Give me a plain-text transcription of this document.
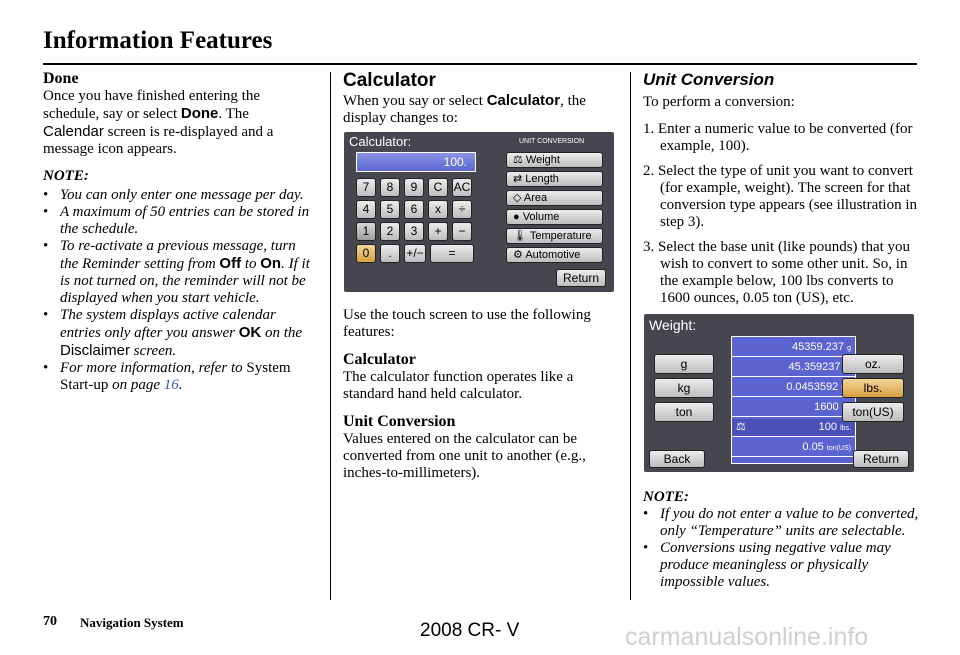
Information Features
Done

Once you have finished entering the schedule, say or select Done. The
Calendar screen is re-displayed and a message icon appears.

NOTE:

• You can only enter one message per day.
• A maximum of 50 entries can be stored in the schedule.
• To re-activate a previous message, turn the Reminder setting from Off to On. If it is not turned on, the reminder will not be displayed when you start vehicle.
• The system displays active calendar entries only after you answer OK on the Disclaimer screen.
• For more information, refer to System Start-up on page 16.

Calculator

When you say or select Calculator, the display changes to:

Use the touch screen to use the following features:

Calculator

The calculator function operates like a standard hand held calculator.

Unit Conversion

Values entered on the calculator can be converted from one unit to another (e.g., inches-to-millimeters).

Calculator:	UNIT CONVERSION
100.
7	8	9	C AC
4	5	6	x	÷
1	2	3	+	−
0	.	+/−	=
⚖ Weight
⇄ Length
◇ Area
● Volume
🌡 Temperature
⚙ Automotive
Return

Unit Conversion

To perform a conversion:

1. Enter a numeric value to be converted (for example, 100).
2. Select the type of unit you want to convert (for example, weight). The screen for that conversion type appears (see illustration in step 3).
3. Select the base unit (like pounds) that you wish to convert to some other unit. So, in the example below, 100 lbs converts to 1600 ounces, 0.05 ton (US), etc.

NOTE:

• If you do not enter a value to be converted, only “Temperature” units are selectable.
• Conversions using negative value may produce meaningless or physically impossible values.
Weight:
45359.237 g
45.359237
0.0453592
1600
⚖	100 lbs.
0.05 ton(US)
g
kg
ton
oz.
lbs.
ton(US)
Back	Return
70 Navigation System	2008 CR- V	carmanualsonline.info
